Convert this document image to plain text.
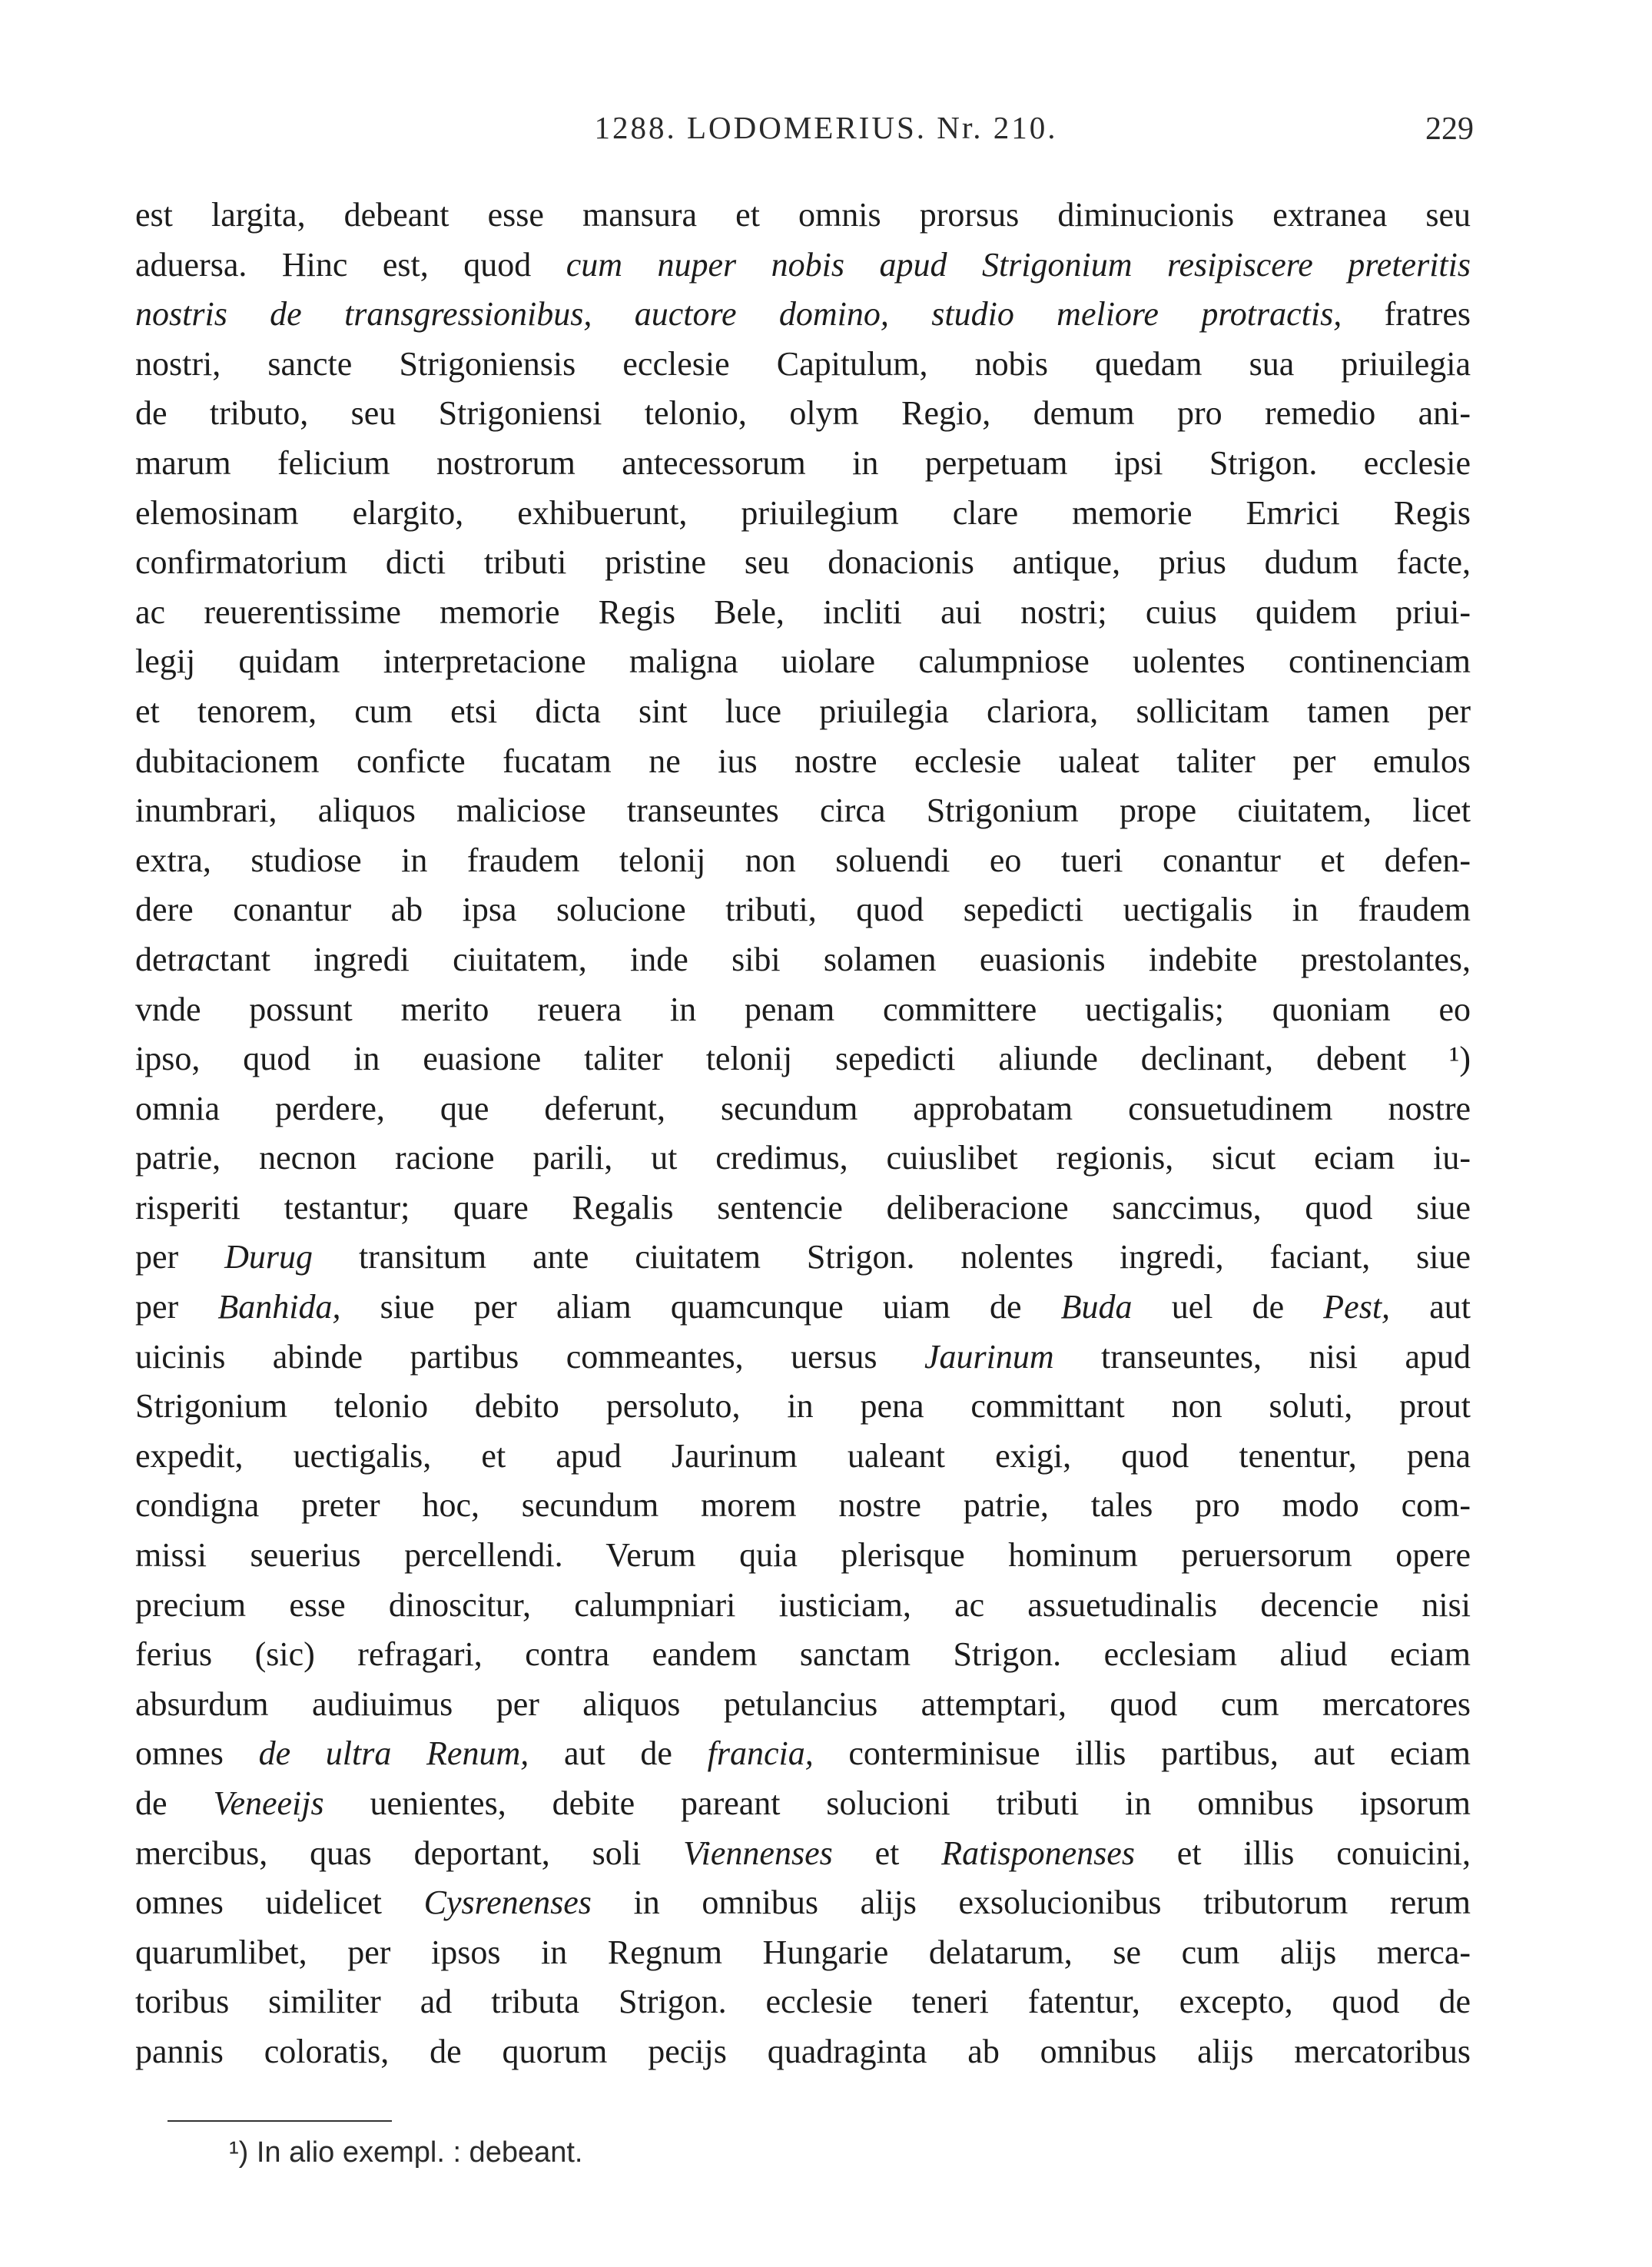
1288. LODOMERIUS. Nr. 210.	229
est largita, debeant esse mansura et omnis prorsus diminucionis extranea seu
aduersa. Hinc est, quod cum nuper nobis apud Strigonium resipiscere preteritis
nostris de transgressionibus, auctore domino, studio meliore protractis, fratres
nostri, sancte Strigoniensis ecclesie Capitulum, nobis quedam sua priuilegia
de tributo, seu Strigoniensi telonio, olym Regio, demum pro remedio ani-
marum felicium nostrorum antecessorum in perpetuam ipsi Strigon. ecclesie
elemosinam elargito, exhibuerunt, priuilegium clare memorie Emrici Regis
confirmatorium dicti tributi pristine seu donacionis antique, prius dudum facte,
ac reuerentissime memorie Regis Bele, incliti aui nostri; cuius quidem priui-
legij quidam interpretacione maligna uiolare calumpniose uolentes continenciam
et tenorem, cum etsi dicta sint luce priuilegia clariora, sollicitam tamen per
dubitacionem conficte fucatam ne ius nostre ecclesie ualeat taliter per emulos
inumbrari, aliquos maliciose transeuntes circa Strigonium prope ciuitatem, licet
extra, studiose in fraudem telonij non soluendi eo tueri conantur et defen-
dere conantur ab ipsa solucione tributi, quod sepedicti uectigalis in fraudem
detractant ingredi ciuitatem, inde sibi solamen euasionis indebite prestolantes,
vnde possunt merito reuera in penam committere uectigalis; quoniam eo
ipso, quod in euasione taliter telonij sepedicti aliunde declinant, debent ¹)
omnia perdere, que deferunt, secundum approbatam consuetudinem nostre
patrie, necnon racione parili, ut credimus, cuiuslibet regionis, sicut eciam iu-
risperiti testantur; quare Regalis sentencie deliberacione sanccimus, quod siue
per Durug transitum ante ciuitatem Strigon. nolentes ingredi, faciant, siue
per Banhida, siue per aliam quamcunque uiam de Buda uel de Pest, aut
uicinis abinde partibus commeantes, uersus Jaurinum transeuntes, nisi apud
Strigonium telonio debito persoluto, in pena committant non soluti, prout
expedit, uectigalis, et apud Jaurinum ualeant exigi, quod tenentur, pena
condigna preter hoc, secundum morem nostre patrie, tales pro modo com-
missi seuerius percellendi. Verum quia plerisque hominum peruersorum opere
precium esse dinoscitur, calumpniari iusticiam, ac assuetudinalis decencie nisi
ferius (sic) refragari, contra eandem sanctam Strigon. ecclesiam aliud eciam
absurdum audiuimus per aliquos petulancius attemptari, quod cum mercatores
omnes de ultra Renum, aut de francia, conterminisue illis partibus, aut eciam
de Veneeijs uenientes, debite pareant solucioni tributi in omnibus ipsorum
mercibus, quas deportant, soli Viennenses et Ratisponenses et illis conuicini,
omnes uidelicet Cysrenenses in omnibus alijs exsolucionibus tributorum rerum
quarumlibet, per ipsos in Regnum Hungarie delatarum, se cum alijs merca-
toribus similiter ad tributa Strigon. ecclesie teneri fatentur, excepto, quod de
pannis coloratis, de quorum pecijs quadraginta ab omnibus alijs mercatoribus
¹) In alio exempl. : debeant.
